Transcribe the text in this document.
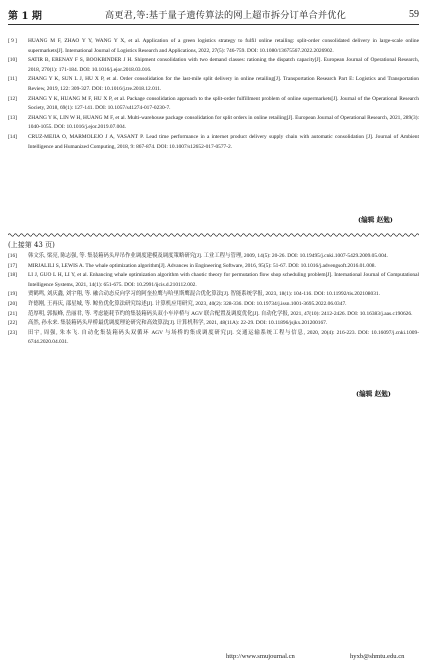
第 1 期	高更君,等:基于量子遗传算法的网上超市拆分订单合并优化	59
[ 9 ]	HUANG M F, ZHAO Y Y, WANG Y X, et al. Application of a green logistics strategy to fulfil online retailing: split-order consolidated delivery in large-scale online supermarkets[J]. International Journal of Logistics Research and Applications, 2022, 27(5): 746-759. DOI: 10.1080/13675567.2022.2026902.
[10]	SATIR B, ERENAY F S, BOOKBINDER J H. Shipment consolidation with two demand classes: rationing the dispatch capacity[J]. European Journal of Operational Research, 2018, 270(1): 171-184. DOI: 10.1016/j.ejor.2018.03.016.
[11]	ZHANG Y K, SUN L J, HU X P, et al. Order consolidation for the last-mile split delivery in online retailing[J]. Transportation Research Part E: Logistics and Transportation Review, 2019, 122: 309-327. DOI: 10.1016/j.tre.2018.12.011.
[12]	ZHANG Y K, HUANG M F, HU X P, et al. Package consolidation approach to the split-order fulfillment problem of online supermarkets[J]. Journal of the Operational Research Society, 2018, 69(1): 127-141. DOI: 10.1057/s41274-017-0230-7.
[13]	ZHANG Y K, LIN W H, HUANG M F, et al. Multi-warehouse package consolidation for split orders in online retailing[J]. European Journal of Operational Research, 2021, 289(3): 1040-1055. DOI: 10.1016/j.ejor.2019.07.004.
[14]	CRUZ-MEJIA O, MARMOLEJO J A, VASANT P. Lead time performance in a internet product delivery supply chain with automatic consolidation [J]. Journal of Ambient Intelligence and Humanized Computing, 2018, 9: 867-874. DOI: 10.1007/s12652-017-0577-2.
(编辑 赵勉)
(上接第 43 页)
[16]	韩文乐, 梁亮, 陈志强, 等. 集装箱码头岸吊作业调度建模及调度策略研究[J]. 工业工程与管理, 2009, 14(5): 20-26. DOI: 10.19495/j.cnki.1007-5429.2009.05.004.
[17]	MIRJALILI S, LEWIS A. The whale optimization algorithm[J]. Advances in Engineering Software, 2016, 95(5): 51-67. DOI: 10.1016/j.advengsoft.2016.01.008.
[18]	LI J, GUO L H, LI Y, et al. Enhancing whale optimization algorithm with chaotic theory for permutation flow shop scheduling problem[J]. International Journal of Computational Intelligence Systems, 2021, 14(1): 651-675. DOI: 10.2991/ijcis.d.210112.002.
[19]	贾鹤鸣, 刘庆鑫, 刘宇翔, 等. 融合动态反向学习的阿奎拉鹰与哈里斯鹰混合优化算法[J]. 智能系统学报, 2023, 18(1): 104-116. DOI: 10.11992/tis.202108031.
[20]	许德刚, 王再庆, 邵星城, 等. 鲸鱼优化算法研究综述[J]. 计算机应用研究, 2023, 40(2): 328-336. DOI: 10.19734/j.issn.1001-3695.2022.06.0347.
[21]	范厚明, 郭振峰, 岳丽君, 等. 考虑能耗节约的集装箱码头双小车岸桥与 AGV 联合配置及调度优化[J]. 自动化学报, 2021, 47(10): 2412-2426. DOI: 10.16383/j.aas.c190626.
[22]	高然, 孙永来. 集装箱码头岸桥最优调度理论研究和高效算法[J]. 计算机科学, 2021, 48(11A): 22-29. DOI: 10.11896/jsjkx.201200167.
[23]	田宇, 周强, 朱本飞. 自动化集装箱码头双循环 AGV 与场桥的集成调度研究[J]. 交通运输系统工程与信息, 2020, 20(4): 216-223. DOI: 10.16097/j.cnki.1009-6744.2020.04.031.
(编辑 赵勉)
http://www.smujournal.cn	hyxb@shmtu.edu.cn
